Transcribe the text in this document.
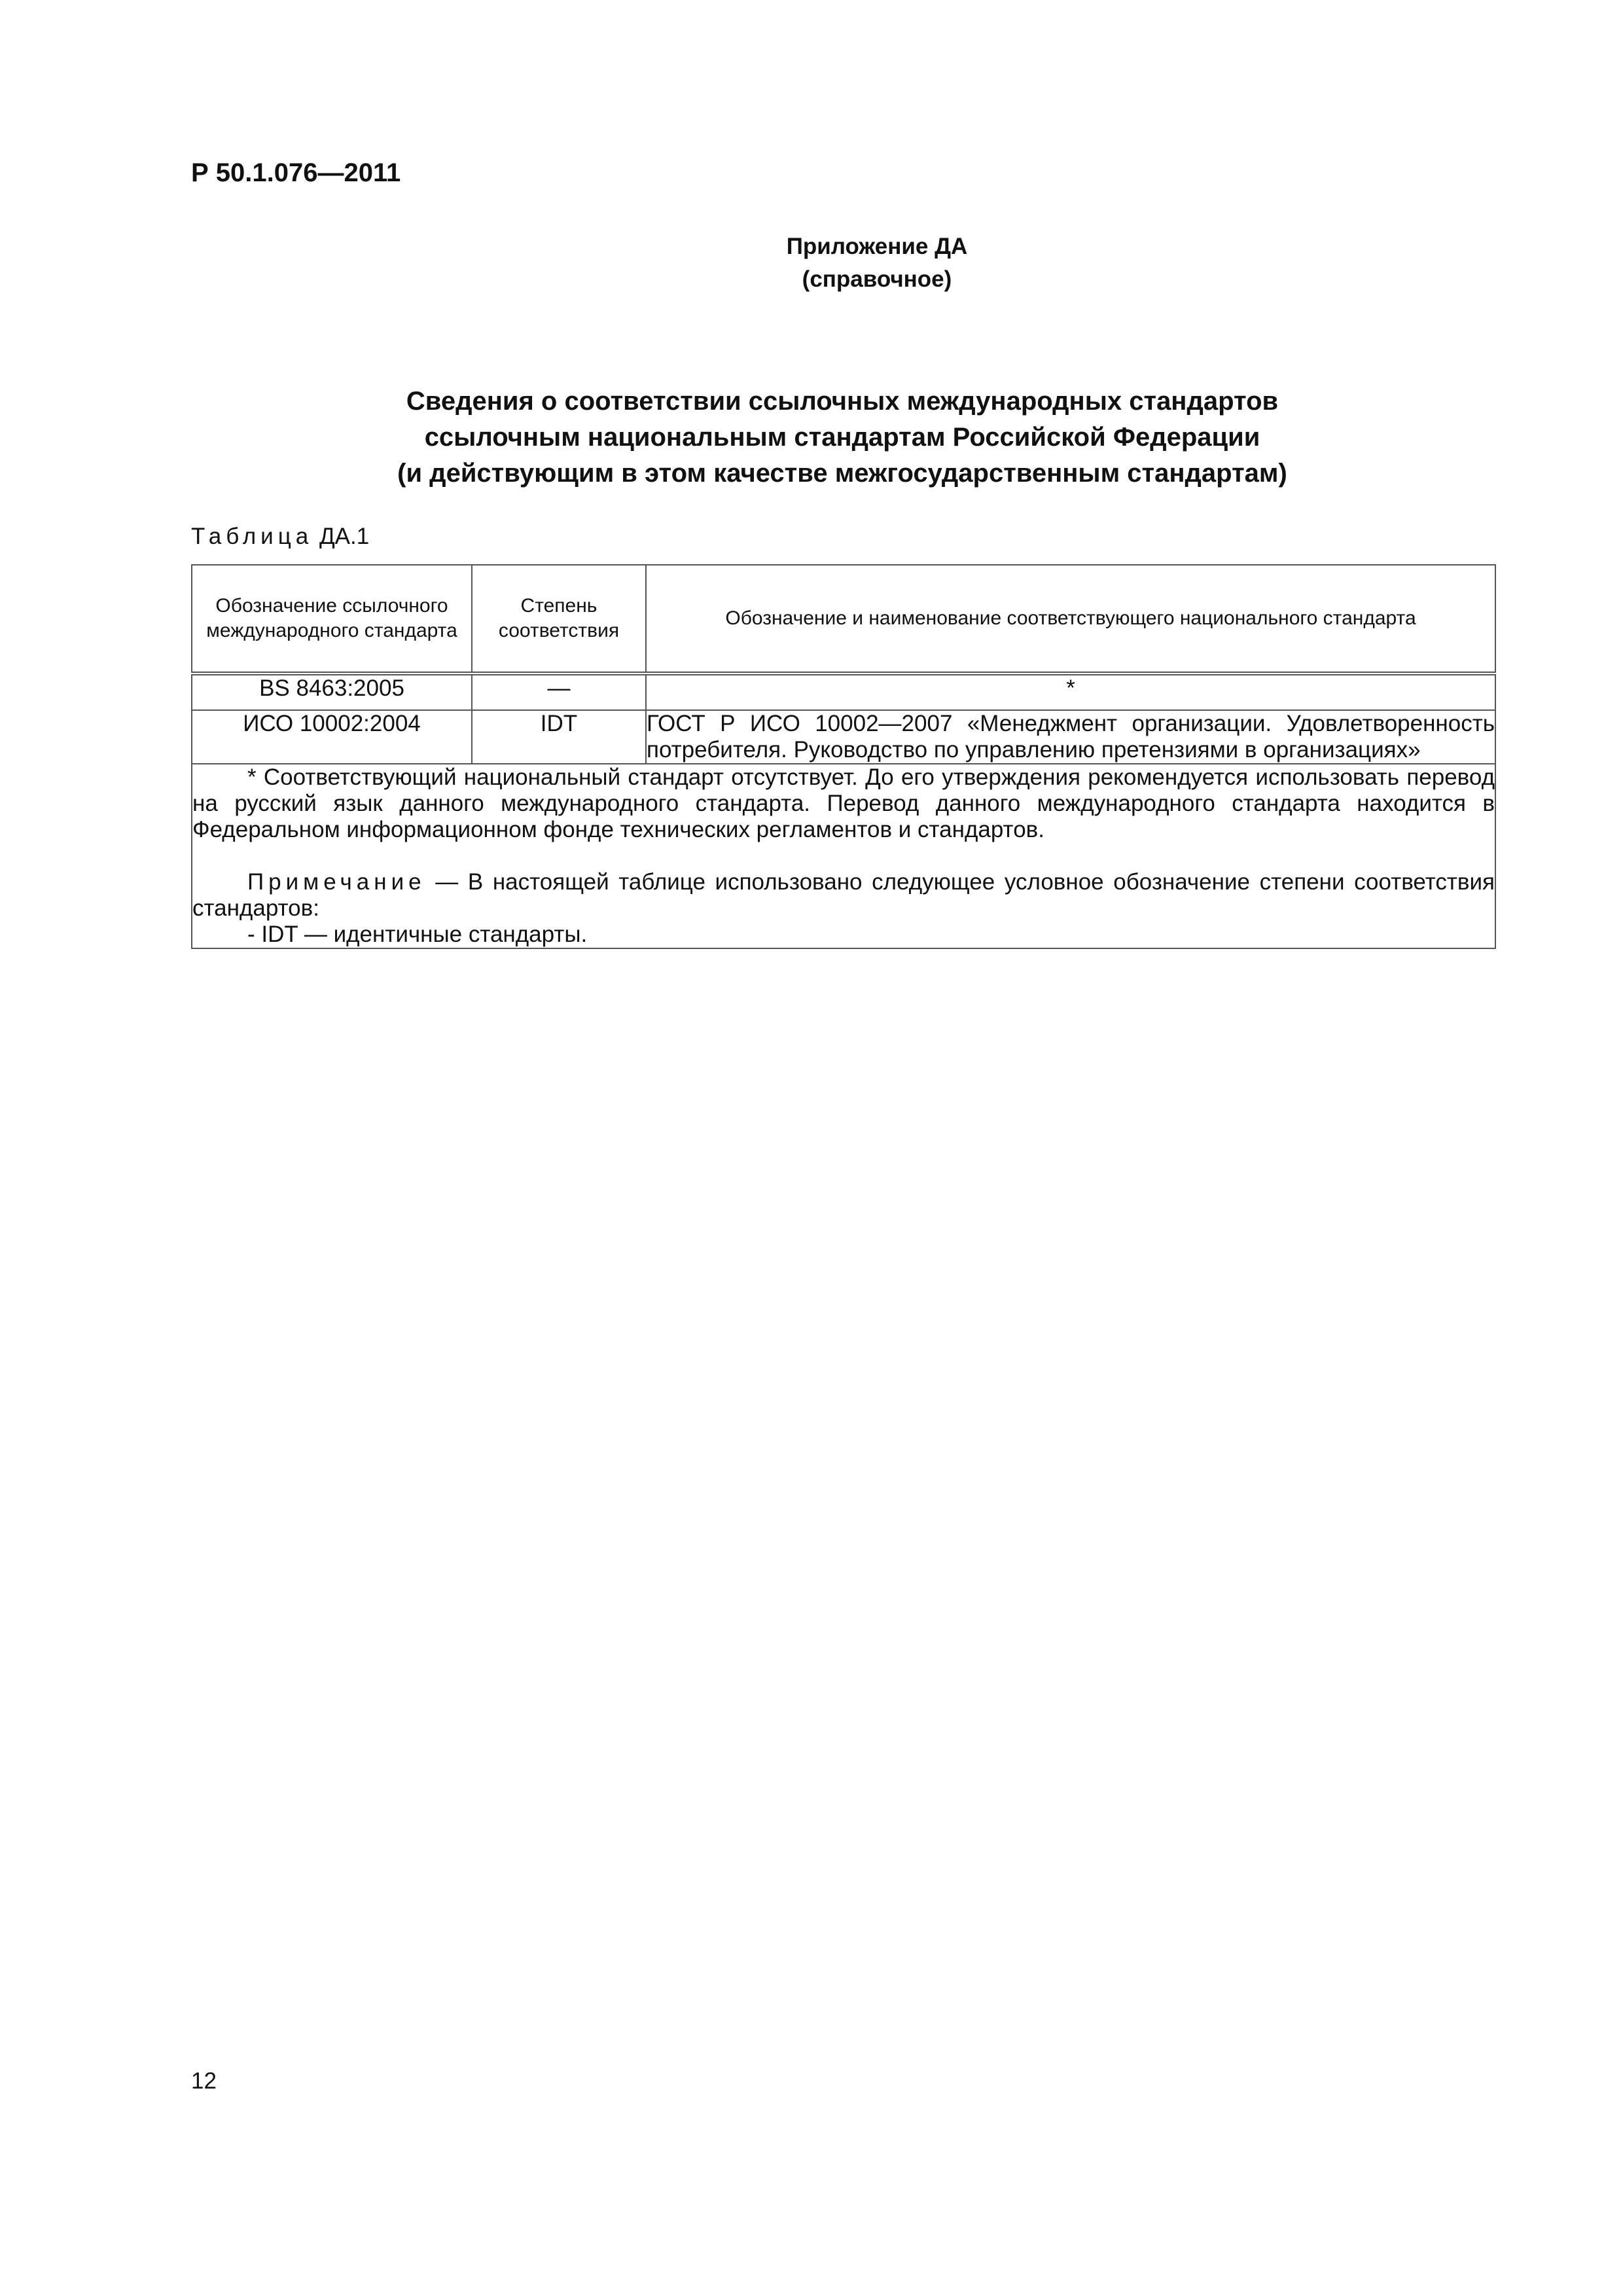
Р 50.1.076—2011
Приложение ДА
(справочное)
Сведения о соответствии ссылочных международных стандартов
ссылочным национальным стандартам Российской Федерации
(и действующим в этом качестве межгосударственным стандартам)
Таблица ДА.1
Обозначение ссылочного международного стандарта	Степень соответствия	Обозначение и наименование соответствующего национального стандарта
BS 8463:2005	—	*
ИСО 10002:2004	IDT	ГОСТ Р ИСО 10002—2007 «Менеджмент организации. Удовлетворенность потребителя. Руководство по управлению претензиями в организациях»

* Соответствующий национальный стандарт отсутствует. До его утверждения рекомендуется использовать перевод на русский язык данного международного стандарта. Перевод данного международного стандарта находится в Федеральном информационном фонде технических регламентов и стандартов.
Примечание — В настоящей таблице использовано следующее условное обозначение степени соответствия стандартов:
- IDT — идентичные стандарты.		
12
